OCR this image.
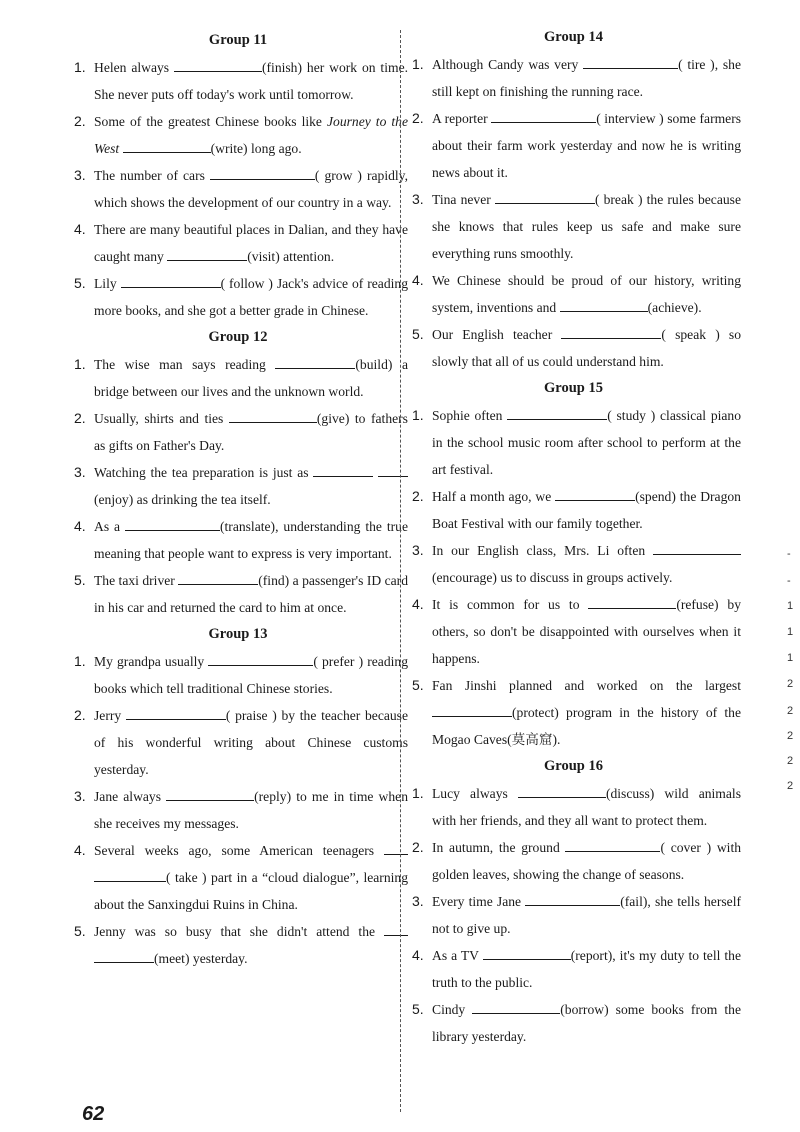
Group 11
1. Helen always	(finish) her work on time. She never puts off today's work until tomorrow.
2. Some of the greatest Chinese books like Journey to the West	(write) long ago.
3. The number of cars	( grow ) rapidly, which shows the development of our country in a way.
4. There are many beautiful places in Dalian, and they have caught many	(visit) attention.
5. Lily	( follow ) Jack's advice of reading more books, and she got a better grade in Chinese.
Group 12
1. The wise man says reading	(build) a bridge between our lives and the unknown world.
2. Usually, shirts and ties	(give) to fathers as gifts on Father's Day.
3. Watching the tea preparation is just as  (enjoy) as drinking the tea itself.
4. As a	(translate), understanding the true meaning that people want to express is very important.
5. The taxi driver	(find) a passenger's ID card in his car and returned the card to him at once.
Group 13
1. My grandpa usually	( prefer ) reading books which tell traditional Chinese stories.
2. Jerry	( praise ) by the teacher because of his wonderful writing about Chinese customs yesterday.
3. Jane always	(reply) to me in time when she receives my messages.
4. Several weeks ago, some American teenagers  ( take ) part in a “cloud dialogue”, learning about the Sanxingdui Ruins in China.
5. Jenny was so busy that she didn't attend the  (meet) yesterday.
Group 14
1. Although Candy was very	( tire ), she still kept on finishing the running race.
2. A reporter	( interview ) some farmers about their farm work yesterday and now he is writing news about it.
3. Tina never	( break ) the rules because she knows that rules keep us safe and make sure everything runs smoothly.
4. We Chinese should be proud of our history, writing system, inventions and	(achieve).
5. Our English teacher	( speak ) so slowly that all of us could understand him.
Group 15
1. Sophie often	( study ) classical piano in the school music room after school to perform at the art festival.
2. Half a month ago, we	(spend) the Dragon Boat Festival with our family together.
3. In our English class, Mrs. Li often  (encourage) us to discuss in groups actively.
4. It is common for us to	(refuse) by others, so don't be disappointed with ourselves when it happens.
5. Fan Jinshi planned and worked on the largest (protect) program in the history of the Mogao Caves(莫高窟).
Group 16
1. Lucy always	(discuss) wild animals with her friends, and they all want to protect them.
2. In autumn, the ground	( cover ) with golden leaves, showing the change of seasons.
3. Every time Jane	(fail), she tells herself not to give up.
4. As a TV	(report), it's my duty to tell the truth to the public.
5. Cindy	(borrow) some books from the library yesterday.
62
-
-
1
1
1
2
2
2
2
2
